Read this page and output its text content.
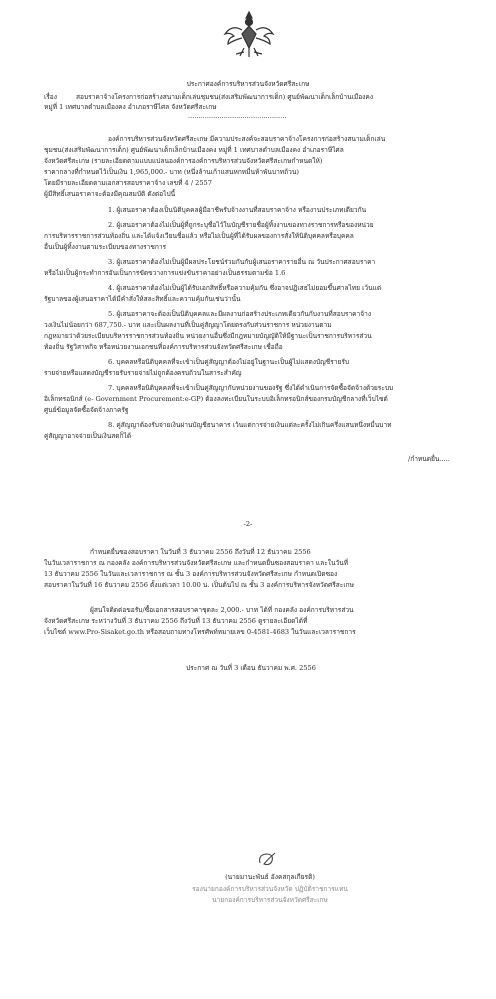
ประกาศองค์การบริหารส่วนจังหวัดศรีสะเกษ
เรื่อง	สอบราคาจ้างโครงการก่อสร้างสนามเด็กเล่นชุมชน(ส่งเสริมพัฒนาการเด็ก) ศูนย์พัฒนาเด็กเล็กบ้านเมืองคง
หมู่ที่ 1 เทศบาลตำบลเมืองคง อำเภอราษีไศล จังหวัดศรีสะเกษ
...............................................
องค์การบริหารส่วนจังหวัดศรีสะเกษ มีความประสงค์จะสอบราคาจ้างโครงการก่อสร้างสนามเด็กเล่น
ชุมชน(ส่งเสริมพัฒนาการเด็ก) ศูนย์พัฒนาเด็กเล็กบ้านเมืองคง หมู่ที่ 1 เทศบาลตำบลเมืองคง อำเภอราษีไศล
จังหวัดศรีสะเกษ (รายละเอียดตามแบบแปลนองค์การองค์การบริหารส่วนจังหวัดศรีสะเกษกำหนดให้)
ราคากลางที่กำหนดไว้เป็นเงิน 1,965,000.- บาท (หนึ่งล้านเก้าแสนหกหมื่นห้าพันบาทถ้วน)
โดยมีรายละเอียดตามเอกสารสอบราคาจ้าง เลขที่ 4 / 2557
ผู้มีสิทธิ์เสนอราคาจะต้องมีคุณสมบัติ ดังต่อไปนี้
1. ผู้เสนอราคาต้องเป็นนิติบุคคลผู้มีอาชีพรับจ้างงานที่สอบราคาจ้าง หรืองานประเภทเดียวกัน
2. ผู้เสนอราคาต้องไม่เป็นผู้ที่ถูกระบุชื่อไว้ในบัญชีรายชื่อผู้ทิ้งงานของทางราชการหรือของหน่วย
การบริหารราชการส่วนท้องถิ่น และได้แจ้งเวียนชื่อแล้ว หรือไม่เป็นผู้ที่ได้รับผลของการสั่งให้นิติบุคคลหรือบุคคล
อื่นเป็นผู้ทิ้งงานตามระเบียบของทางราชการ
3. ผู้เสนอราคาต้องไม่เป็นผู้มีผลประโยชน์ร่วมกันกับผู้เสนอราคารายอื่น ณ วันประกาศสอบราคา
หรือไม่เป็นผู้กระทำการอันเป็นการขัดขวางการแข่งขันราคาอย่างเป็นธรรมตามข้อ 1.6
4. ผู้เสนอราคาต้องไม่เป็นผู้ได้รับเอกสิทธิ์หรือความคุ้มกัน ซึ่งอาจปฏิเสธไม่ยอมขึ้นศาลไทย เว้นแต่
รัฐบาลของผู้เสนอราคาได้มีคำสั่งให้สละสิทธิ์และความคุ้มกันเช่นว่านั้น
5. ผู้เสนอราคาจะต้องเป็นนิติบุคคลและมีผลงานก่อสร้างประเภทเดียวกันกับงานที่สอบราคาจ้าง
วงเงินไม่น้อยกว่า 687,750.- บาท และเป็นผลงานที่เป็นคู่สัญญาโดยตรงกับส่วนราชการ หน่วยงานตาม
กฎหมายว่าด้วยระเบียบบริหารราชการส่วนท้องถิ่น หน่วยงานอื่นซึ่งมีกฎหมายบัญญัติให้มีฐานะเป็นราชการบริหารส่วน
ท้องถิ่น รัฐวิสาหกิจ หรือหน่วยงานเอกชนที่องค์การบริหารส่วนจังหวัดศรีสะเกษ เชื่อถือ
6. บุคคลหรือนิติบุคคลที่จะเข้าเป็นคู่สัญญาต้องไม่อยู่ในฐานะเป็นผู้ไม่แสดงบัญชีรายรับ
รายจ่ายหรือแสดงบัญชีรายรับรายจ่ายไม่ถูกต้องครบถ้วนในสาระสำคัญ
7. บุคคลหรือนิติบุคคลที่จะเข้าเป็นคู่สัญญากับหน่วยงานของรัฐ ซึ่งได้ดำเนินการจัดซื้อจัดจ้างด้วยระบบ
อิเล็กทรอนิกส์ (e- Government Procurement:e-GP) ต้องลงทะเบียนในระบบอิเล็กทรอนิกส์ของกรมบัญชีกลางที่เว็บไซต์
ศูนย์ข้อมูลจัดซื้อจัดจ้างภาครัฐ
8. คู่สัญญาต้องรับจ่ายเงินผ่านบัญชีธนาคาร เว้นแต่การจ่ายเงินแต่ละครั้งไม่เกินครึ่งแสนหนึ่งหมื่นบาท
คู่สัญญาอาจจ่ายเป็นเงินสดก็ได้
/กำหนดยื่น.....
-2-
กำหนดยื่นซองสอบราคา ในวันที่ 3 ธันวาคม 2556 ถึงวันที่ 12 ธันวาคม 2556
ในวันเวลาราชการ ณ กองคลัง องค์การบริหารส่วนจังหวัดศรีสะเกษ และกำหนดยื่นซองสอบราคา และในวันที่
13 ธันวาคม 2556 ในวันและเวลาราชการ ณ ชั้น 3 องค์การบริหารส่วนจังหวัดศรีสะเกษ กำหนดเปิดซอง
สอบราคาในวันที่ 16 ธันวาคม 2556 ตั้งแต่เวลา 10.00 น. เป็นต้นไป ณ ชั้น 3 องค์การบริหารจังหวัดศรีสะเกษ
ผู้สนใจติดต่อขอรับ/ซื้อเอกสารสอบราคาชุดละ 2,000.- บาท ได้ที่ กองคลัง องค์การบริหารส่วน
จังหวัดศรีสะเกษ ระหว่างวันที่ 3 ธันวาคม 2556 ถึงวันที่ 13 ธันวาคม 2556 ดูรายละเอียดได้ที่
เว็บไซต์ www.Pro-Sisaket.go.th หรือสอบถามทางโทรศัพท์หมายเลข 0-4581-4683 ในวันและเวลาราชการ
ประกาศ ณ วันที่ 3 เดือน ธันวาคม พ.ศ. 2556
(นายมานะพันธ์ อังคสกุลเกียรติ)
รองนายกองค์การบริหารส่วนจังหวัด ปฏิบัติราชการแทน
นายกองค์การบริหารส่วนจังหวัดศรีสะเกษ
